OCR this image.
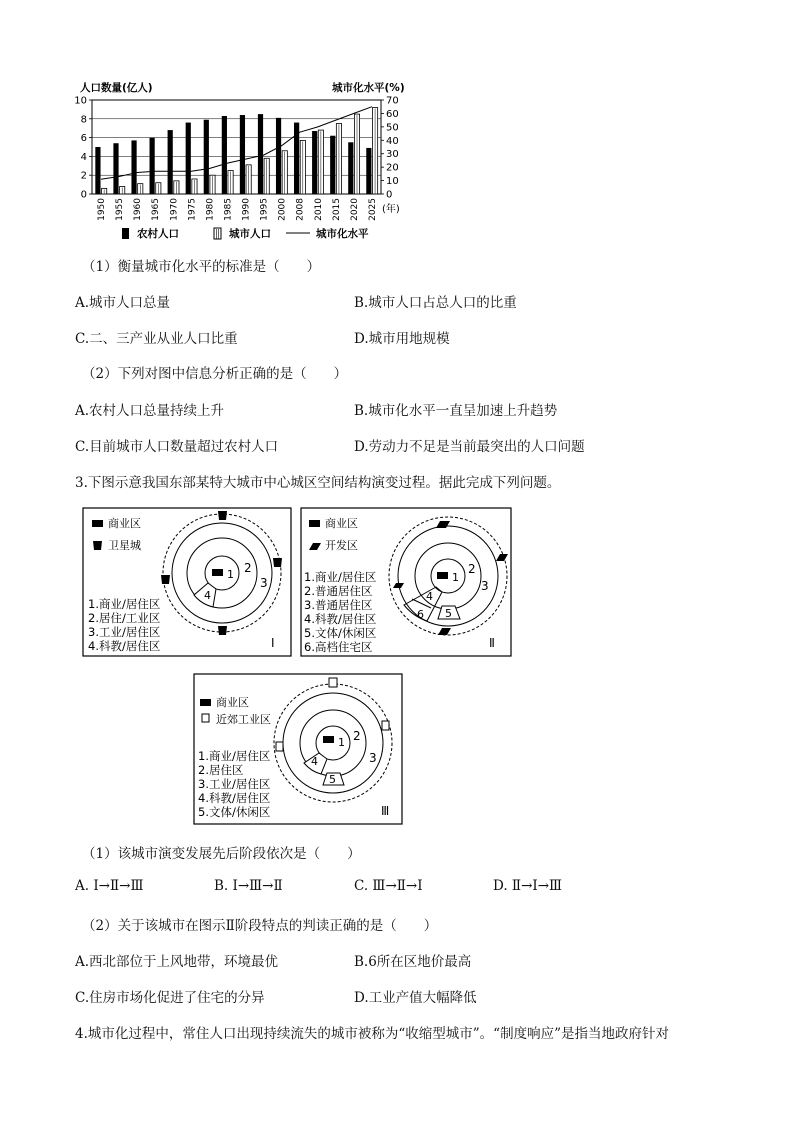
人口数量(亿人)	城市化水平(%)
0
2
4
6
8
10
0
10
20
30
40
50
60
70
1950 1955 1960 1965 1970 1975 1980 1985 1990 1995 2000 2008 2010 2015 2020 2025 (年)
农村人口	城市人口	城市化水平
（1）衡量城市化水平的标准是（　　）
A.城市人口总量	B.城市人口占总人口的比重
C.二、三产业从业人口比重	D.城市用地规模
（2）下列对图中信息分析正确的是（　　）
A.农村人口总量持续上升	B.城市化水平一直呈加速上升趋势
C.目前城市人口数量超过农村人口	D.劳动力不足是当前最突出的人口问题
3.下图示意我国东部某特大城市中心城区空间结构演变过程。据此完成下列问题。
商业区
卫星城
1 2
3
4
1.商业/居住区
2.居住/工业区
3.工业/居住区
4.科教/居住区	Ⅰ
商业区
开发区
1
2
3
4
5
6
1.商业/居住区
2.普通居住区
3.普通居住区
4.科教/居住区
5.文体/休闲区
6.高档住宅区	Ⅱ
商业区
近郊工业区
1 2
3
4
5
1.商业/居住区
2.居住区
3.工业/居住区
4.科教/居住区
5.文体/休闲区	Ⅲ
（1）该城市演变发展先后阶段依次是（　　）
A. Ⅰ→Ⅱ→Ⅲ	B. Ⅰ→Ⅲ→Ⅱ	C. Ⅲ→Ⅱ→Ⅰ	D. Ⅱ→Ⅰ→Ⅲ
（2）关于该城市在图示Ⅱ阶段特点的判读正确的是（　　）
A.西北部位于上风地带，环境最优	B.6所在区地价最高
C.住房市场化促进了住宅的分异	D.工业产值大幅降低
4.城市化过程中，常住人口出现持续流失的城市被称为“收缩型城市”。“制度响应”是指当地政府针对
